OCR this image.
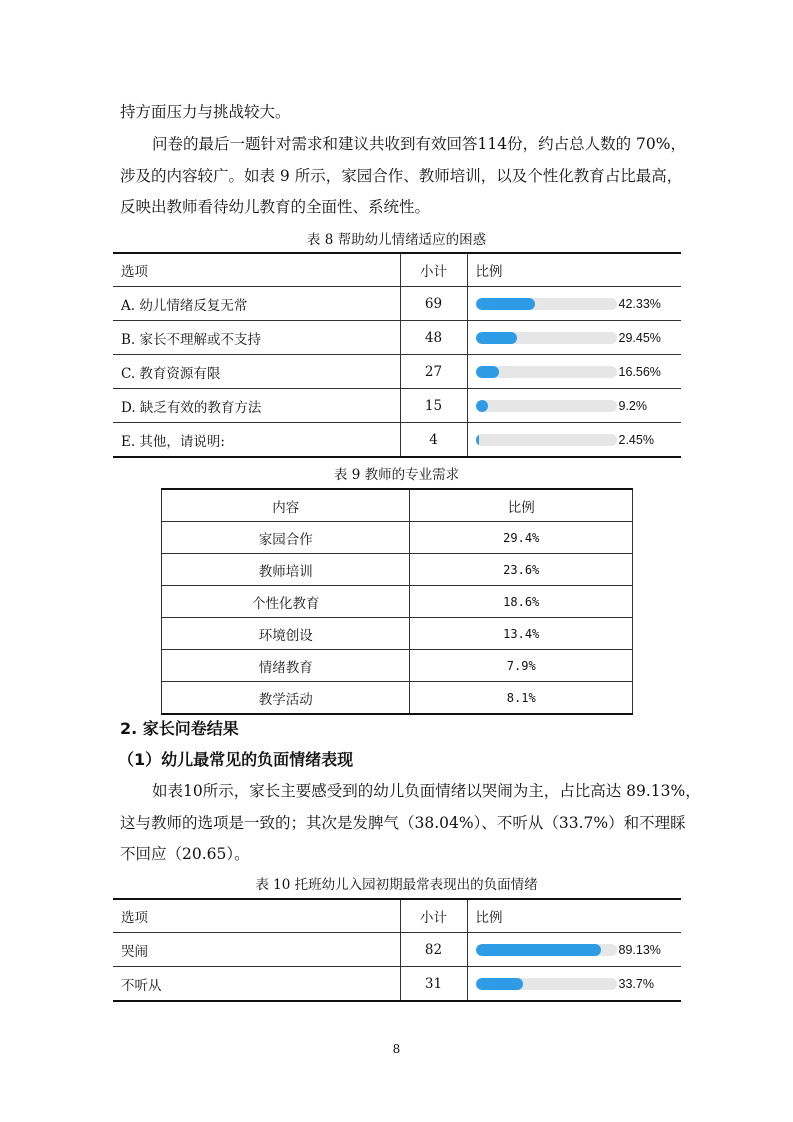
持方面压力与挑战较大。
问卷的最后一题针对需求和建议共收到有效回答114份，约占总人数的 70%，
涉及的内容较广。如表 9 所示，家园合作、教师培训，以及个性化教育占比最高，
反映出教师看待幼儿教育的全面性、系统性。
表 8 帮助幼儿情绪适应的困惑
选项	小计	比例
A. 幼儿情绪反复无常	69	42.33%
B. 家长不理解或不支持	48	29.45%
C. 教育资源有限	27	16.56%
D. 缺乏有效的教育方法	15	9.2%
E. 其他，请说明:	4	2.45%
表 9 教师的专业需求
内容	比例
家园合作	29.4%
教师培训	23.6%
个性化教育	18.6%
环境创设	13.4%
情绪教育	7.9%
教学活动	8.1%
2. 家长问卷结果
（1）幼儿最常见的负面情绪表现
如表10所示，家长主要感受到的幼儿负面情绪以哭闹为主，占比高达 89.13%，
这与教师的选项是一致的；其次是发脾气（38.04%）、不听从（33.7%）和不理睬
不回应（20.65）。
表 10 托班幼儿入园初期最常表现出的负面情绪
选项	小计	比例
哭闹	82	89.13%
不听从	31	33.7%
8
